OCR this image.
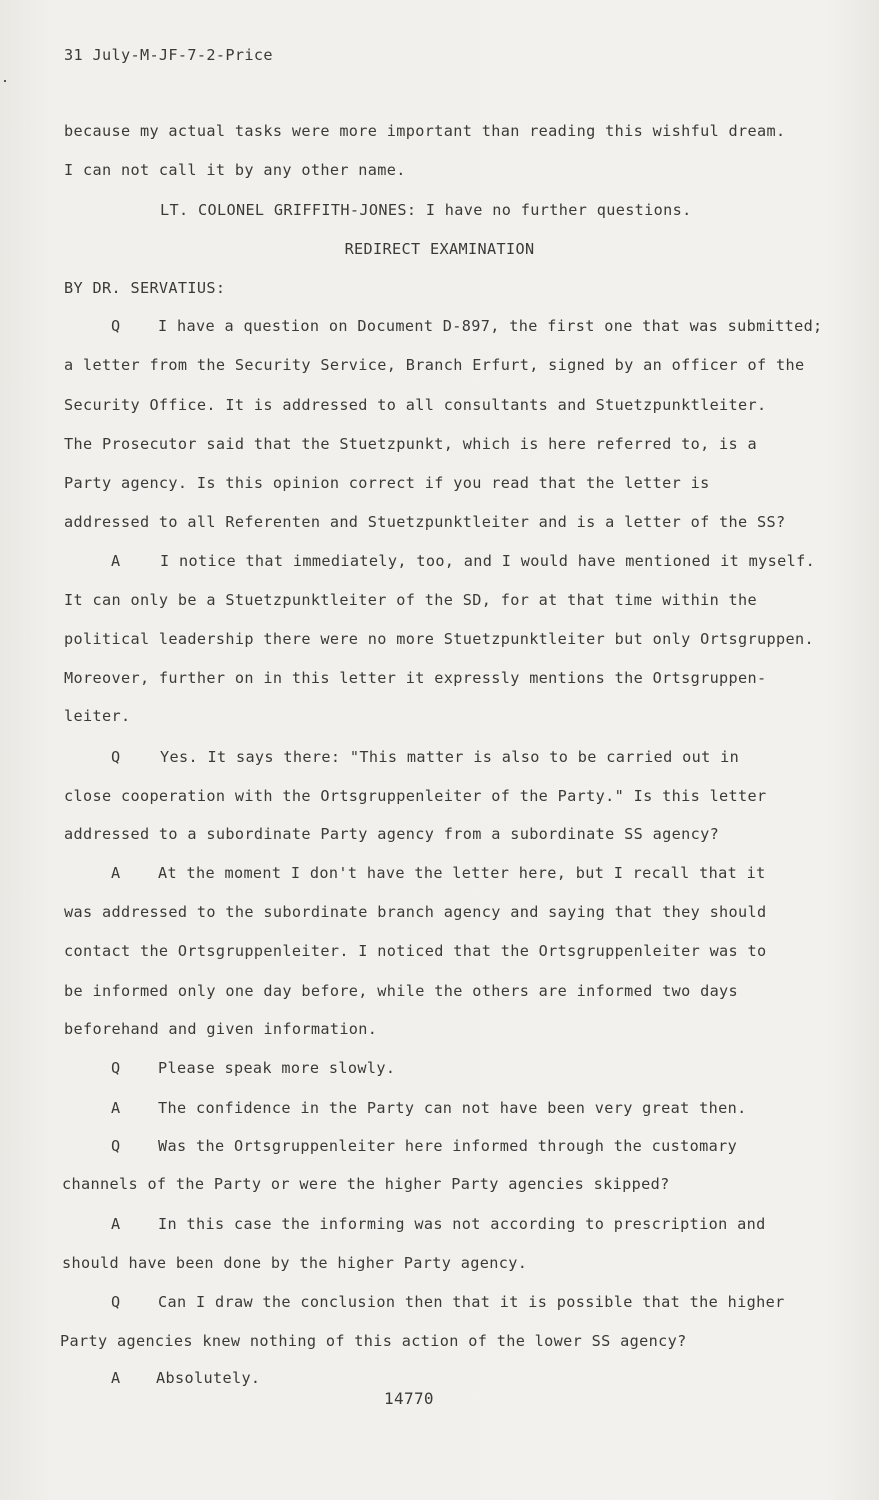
31 July-M-JF-7-2-Price
because my actual tasks were more important than reading this wishful dream.
I can not call it by any other name.
LT. COLONEL GRIFFITH-JONES: I have no further questions.
REDIRECT EXAMINATION
BY DR. SERVATIUS:
Q I have a question on Document D-897, the first one that was submitted;
a letter from the Security Service, Branch Erfurt, signed by an officer of the
Security Office. It is addressed to all consultants and Stuetzpunktleiter.
The Prosecutor said that the Stuetzpunkt, which is here referred to, is a
Party agency. Is this opinion correct if you read that the letter is
addressed to all Referenten and Stuetzpunktleiter and is a letter of the SS?
A	I notice that immediately, too, and I would have mentioned it myself.
It can only be a Stuetzpunktleiter of the SD, for at that time within the
political leadership there were no more Stuetzpunktleiter but only Ortsgruppen.
Moreover, further on in this letter it expressly mentions the Ortsgruppen-
leiter.
Q	Yes. It says there: "This matter is also to be carried out in
close cooperation with the Ortsgruppenleiter of the Party." Is this letter
addressed to a subordinate Party agency from a subordinate SS agency?
A At the moment I don't have the letter here, but I recall that it
was addressed to the subordinate branch agency and saying that they should
contact the Ortsgruppenleiter. I noticed that the Ortsgruppenleiter was to
be informed only one day before, while the others are informed two days
beforehand and given information.
Q Please speak more slowly.
A The confidence in the Party can not have been very great then.
Q Was the Ortsgruppenleiter here informed through the customary
channels of the Party or were the higher Party agencies skipped?
A In this case the informing was not according to prescription and
should have been done by the higher Party agency.
Q Can I draw the conclusion then that it is possible that the higher
Party agencies knew nothing of this action of the lower SS agency?
A Absolutely.
14770
